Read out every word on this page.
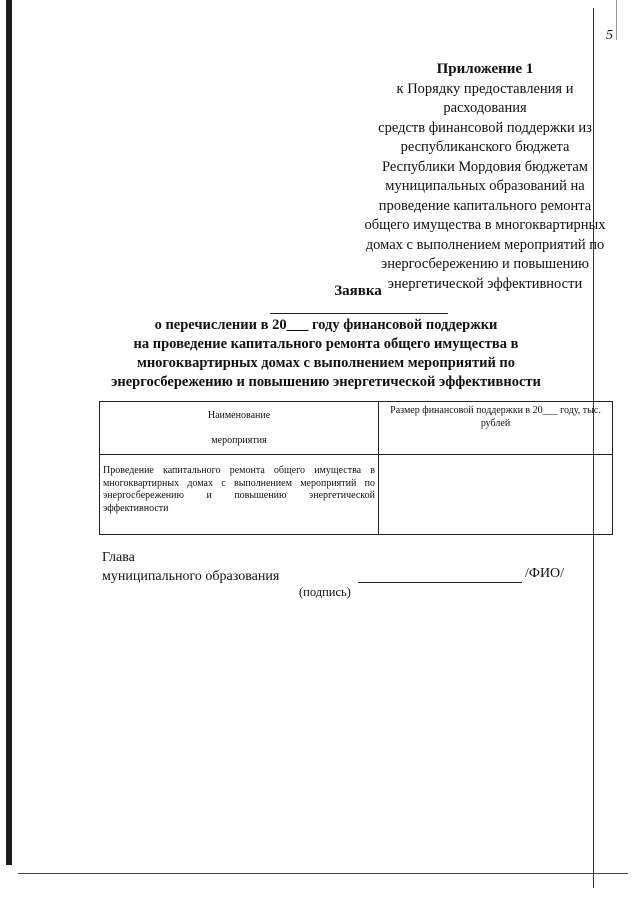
5
Приложение 1
к Порядку предоставления и
расходования
средств финансовой поддержки из
республиканского бюджета
Республики Мордовия бюджетам
муниципальных образований на
проведение капитального ремонта
общего имущества в многоквартирных
домах с выполнением мероприятий по
энергосбережению и повышению
энергетической эффективности
Заявка
о перечислении в 20___ году финансовой поддержки
на проведение капитального ремонта общего имущества в
многоквартирных домах с выполнением мероприятий по
энергосбережению и повышению энергетической эффективности
Наименование
мероприятия	Размер финансовой поддержки в 20___ году, тыс. рублей
Проведение капитального ремонта общего имущества в многоквартирных домах с выполнением мероприятий по энергосбережению и повышению энергетической эффективности	
Глава
муниципального образования	/ФИО/
(подпись)
